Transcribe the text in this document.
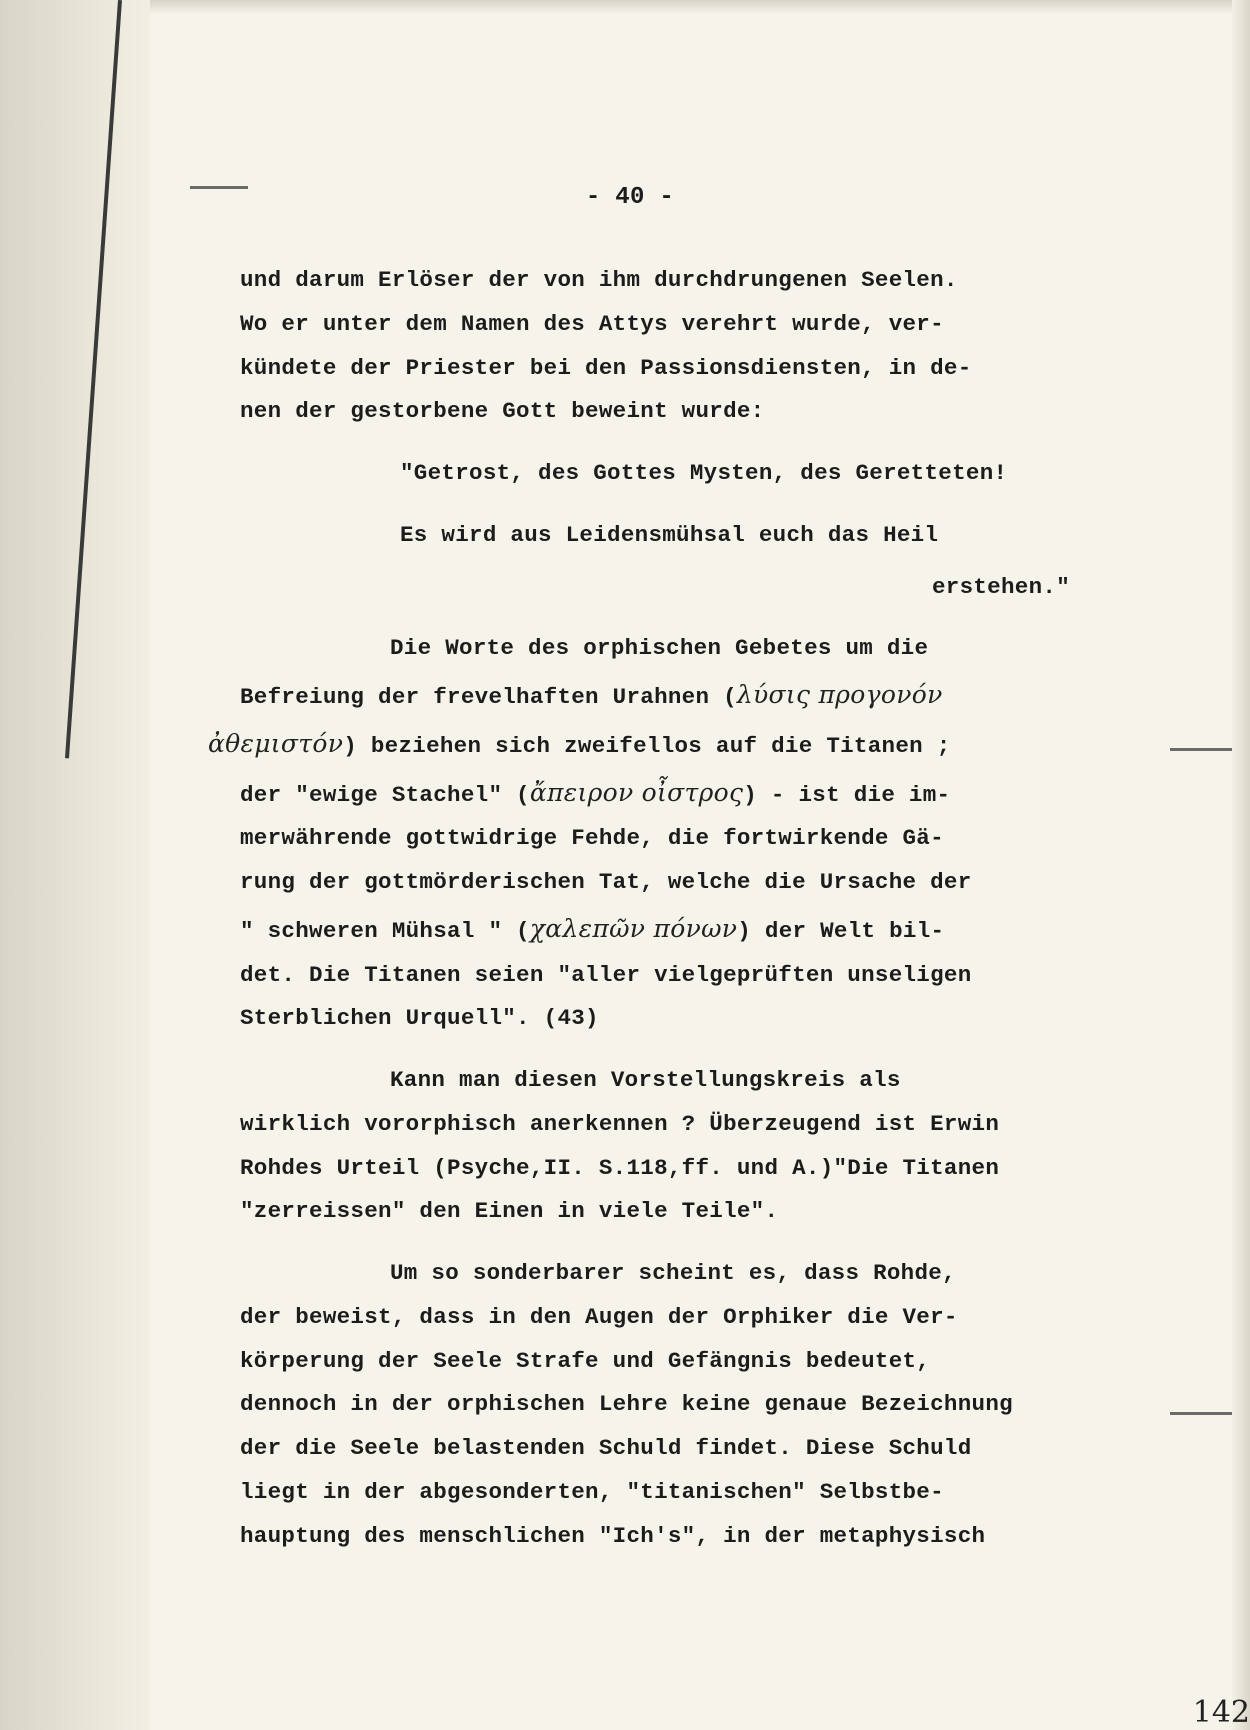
- 40 -
und darum Erlöser der von ihm durchdrungenen Seelen.
Wo er unter dem Namen des Attys verehrt wurde, ver-
kündete der Priester bei den Passionsdiensten, in de-
nen der gestorbene Gott beweint wurde:
"Getrost, des Gottes Mysten, des Geretteten!
Es wird aus Leidensmühsal euch das Heil
erstehen."
Die Worte des orphischen Gebetes um die
Befreiung der frevelhaften Urahnen (λύσις προγονόν
ἀθεμιστόν) beziehen sich zweifellos auf die Titanen ;
der "ewige Stachel" (ἄπειρον οἶστρος) - ist die im-
merwährende gottwidrige Fehde, die fortwirkende Gä-
rung der gottmörderischen Tat, welche die Ursache der
" schweren Mühsal " (χαλεπῶν πόνων) der Welt bil-
det. Die Titanen seien "aller vielgeprüften unseligen
Sterblichen Urquell". (43)
Kann man diesen Vorstellungskreis als
wirklich vororphisch anerkennen ? Überzeugend ist Erwin
Rohdes Urteil (Psyche,II. S.118,ff. und A.)"Die Titanen
"zerreissen" den Einen in viele Teile".
Um so sonderbarer scheint es, dass Rohde,
der beweist, dass in den Augen der Orphiker die Ver-
körperung der Seele Strafe und Gefängnis bedeutet,
dennoch in der orphischen Lehre keine genaue Bezeichnung
der die Seele belastenden Schuld findet. Diese Schuld
liegt in der abgesonderten, "titanischen" Selbstbe-
hauptung des menschlichen "Ich's", in der metaphysisch
142
